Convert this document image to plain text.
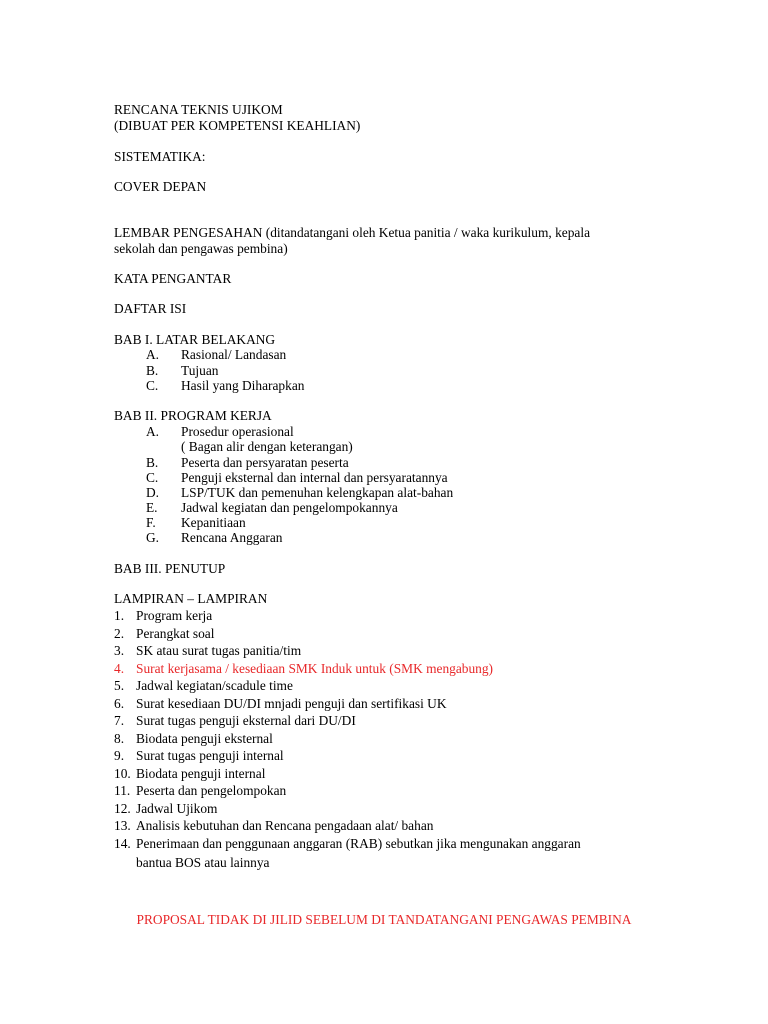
RENCANA TEKNIS UJIKOM
(DIBUAT PER KOMPETENSI KEAHLIAN)
SISTEMATIKA:
COVER DEPAN
LEMBAR PENGESAHAN (ditandatangani oleh Ketua panitia / waka kurikulum, kepala
sekolah dan pengawas pembina)
KATA PENGANTAR
DAFTAR ISI
BAB I. LATAR BELAKANG
A. Rasional/ Landasan
B. Tujuan
C. Hasil yang Diharapkan
BAB II. PROGRAM KERJA
A. Prosedur operasional
( Bagan alir dengan keterangan)
B. Peserta dan persyaratan peserta
C. Penguji eksternal dan internal dan persyaratannya
D. LSP/TUK dan pemenuhan kelengkapan alat-bahan
E. Jadwal kegiatan dan pengelompokannya
F. Kepanitiaan
G. Rencana Anggaran
BAB III. PENUTUP
LAMPIRAN – LAMPIRAN
1. Program kerja
2. Perangkat soal
3. SK atau surat tugas panitia/tim
4. Surat kerjasama / kesediaan SMK Induk untuk (SMK mengabung)
5. Jadwal kegiatan/scadule time
6. Surat kesediaan DU/DI mnjadi penguji dan sertifikasi UK
7. Surat tugas penguji eksternal dari DU/DI
8. Biodata penguji eksternal
9. Surat tugas penguji internal
10. Biodata penguji internal
11. Peserta dan pengelompokan
12. Jadwal Ujikom
13. Analisis kebutuhan dan Rencana pengadaan alat/ bahan
14. Penerimaan dan penggunaan anggaran (RAB) sebutkan jika mengunakan anggaran
bantua BOS atau lainnya
PROPOSAL TIDAK DI JILID SEBELUM DI TANDATANGANI PENGAWAS PEMBINA
